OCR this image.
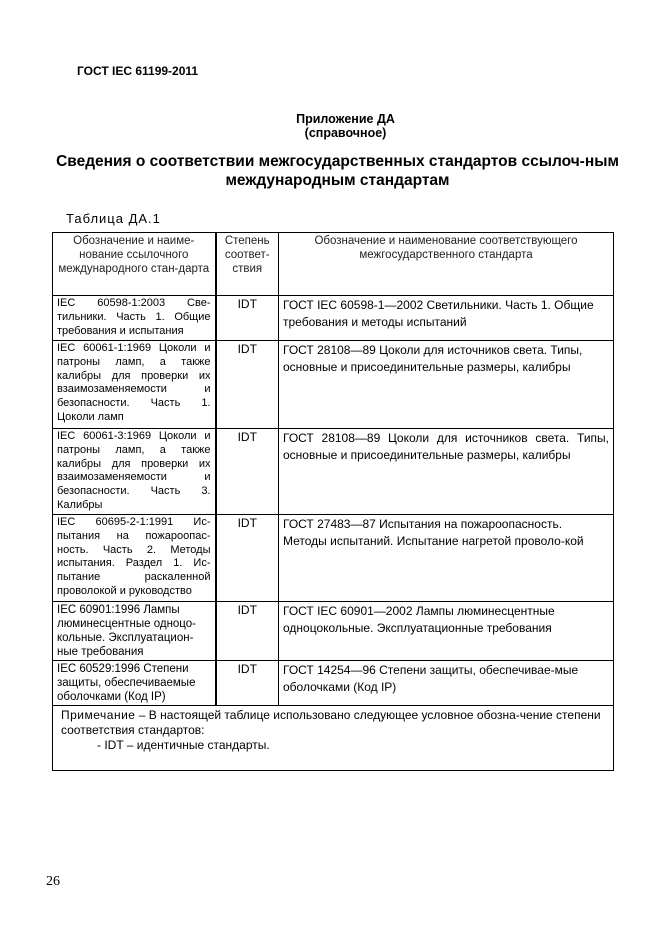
ГОСТ IEC 61199-2011
Приложение ДА
(справочное)
Сведения о соответствии межгосударственных стандартов ссылоч-ным международным стандартам
Таблица ДА.1
Обозначение и наиме-нование ссылочного международного стан-дарта	Степень соответ-ствия	Обозначение и наименование соответствующего межгосударственного стандарта
IEC 60598-1:2003 Све-тильники. Часть 1. Общие требования и испытания	IDT	ГОСТ IEC 60598-1—2002 Светильники. Часть 1. Общие требования и методы испытаний
IEC 60061-1:1969 Цоколи и патроны ламп, а также калибры для проверки их взаимозаменяемости и безопасности. Часть 1. Цоколи ламп	IDT	ГОСТ 28108—89 Цоколи для источников света. Типы, основные и присоединительные размеры, калибры
IEC 60061-3:1969 Цоколи и патроны ламп, а также калибры для проверки их взаимозаменяемости и безопасности. Часть 3. Калибры	IDT	ГОСТ 28108—89 Цоколи для источников света. Типы, основные и присоединительные размеры, калибры
IEC 60695-2-1:1991 Ис-пытания на пожароопас-ность. Часть 2. Методы испытания. Раздел 1. Ис-пытание раскаленной проволокой и руководство	IDT	ГОСТ 27483—87 Испытания на пожароопасность. Методы испытаний. Испытание нагретой проволо-кой
IEC 60901:1996 Лампы люминесцентные одноцо-кольные. Эксплуатацион-ные требования	IDT	ГОСТ IEC 60901—2002 Лампы люминесцентные одноцокольные. Эксплуатационные требования
IEC 60529:1996 Степени защиты, обеспечиваемые оболочками (Код IP)	IDT	ГОСТ 14254—96 Степени защиты, обеспечивае-мые оболочками (Код IP)

Примечание – В настоящей таблице использовано следующее условное обозна-чение степени соответствия стандартов:
- IDT – идентичные стандарты.		
26
